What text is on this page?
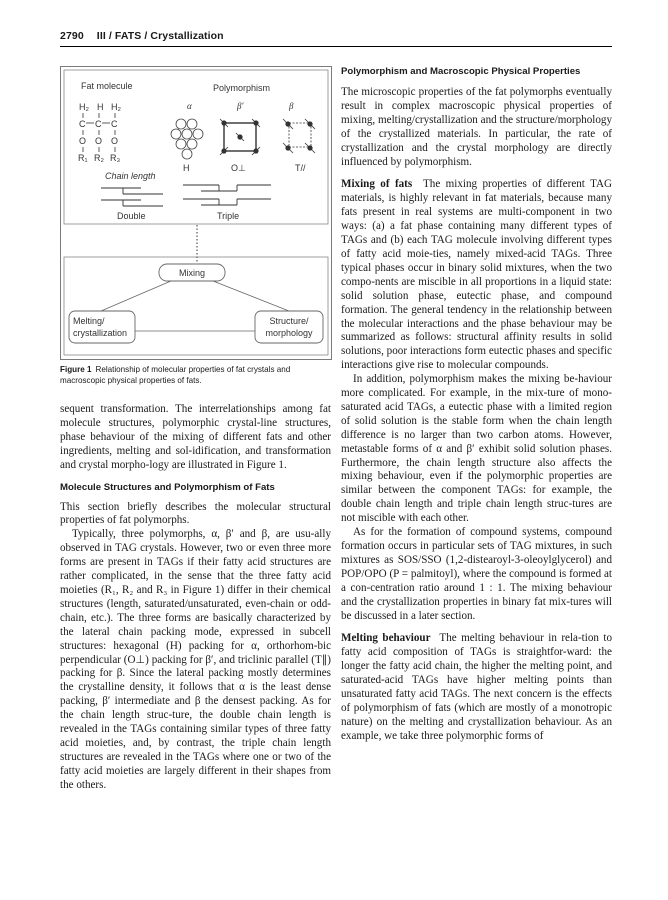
2790 III / FATS / Crystallization
Fat molecule	Polymorphism
α	β′	β
H₂ H H₂
C C C
O O O
R₁ R₂ R₃
H	O⊥	T//
Chain length
Double	Triple
Mixing
Melting/
crystallization
Structure/
morphology
Figure 1 Relationship of molecular properties of fat crystals and macroscopic physical properties of fats.

sequent transformation. The interrelationships among fat molecule structures, polymorphic crystal-line structures, phase behaviour of the mixing of different fats and other ingredients, melting and sol-idification, and transformation and crystal morpho-logy are illustrated in Figure 1.

Molecule Structures and Polymorphism of Fats

This section briefly describes the molecular structural properties of fat polymorphs.

Typically, three polymorphs, α, β′ and β, are usu-ally observed in TAG crystals. However, two or even three more forms are present in TAGs if their fatty acid structures are rather complicated, in the sense that the three fatty acid moieties (R₁, R₂ and R₃ in Figure 1) differ in their chemical structures (length, saturated/unsaturated, even-chain or odd-chain, etc.). The three forms are basically characterized by the lateral chain packing mode, expressed in subcell structures: hexagonal (H) packing for α, orthorhom-bic perpendicular (O⊥) packing for β′, and triclinic parallel (T∥) packing for β. Since the lateral packing mostly determines the crystalline density, it follows that α is the least dense packing, β′ intermediate and β the densest packing. As for the chain length struc-ture, the double chain length is revealed in the TAGs containing similar types of three fatty acid moieties, and, by contrast, the triple chain length structures are revealed in the TAGs where one or two of the fatty acid moieties are largely different in their shapes from the others.

Polymorphism and Macroscopic Physical Properties

The microscopic properties of the fat polymorphs eventually result in complex macroscopic physical properties of mixing, melting/crystallization and the structure/morphology of the crystallized materials. In particular, the rate of crystallization and the crystal morphology are directly influenced by polymorphism.

Mixing of fats The mixing properties of different TAG materials, is highly relevant in fat materials, because many fats present in real systems are multi-component in two ways: (a) a fat phase containing many different types of TAGs and (b) each TAG molecule involving different types of fatty acid moie-ties, namely mixed-acid TAGs. Three typical phases occur in binary solid mixtures, when the two compo-nents are miscible in all proportions in a liquid state: solid solution phase, eutectic phase, and compound formation. The general tendency in the relationship between the molecular interactions and the phase behaviour may be summarized as follows: structural affinity results in solid solutions, poor interactions form eutectic phases and specific interactions give rise to molecular compounds.

In addition, polymorphism makes the mixing be-haviour more complicated. For example, in the mix-ture of mono-saturated acid TAGs, a eutectic phase with a limited region of solid solution is the stable form when the chain length difference is no larger than two carbon atoms. However, metastable forms of α and β′ exhibit solid solution phases. Furthermore, the chain length structure also affects the mixing behaviour, even if the polymorphic properties are similar between the component TAGs: for example, the double chain length and triple chain length struc-tures are not miscible with each other.

As for the formation of compound systems, compound formation occurs in particular sets of TAG mixtures, in such mixtures as SOS/SSO (1,2-distearoyl-3-oleoylglycerol) and POP/OPO (P = palmitoyl), where the compound is formed at a con-centration ratio around 1 : 1. The mixing behaviour and the crystallization properties in binary fat mix-tures will be discussed in a later section.

Melting behaviour The melting behaviour in rela-tion to fatty acid composition of TAGs is straightfor-ward: the longer the fatty acid chain, the higher the melting point, and saturated-acid TAGs have higher melting points than unsaturated fatty acid TAGs. The next concern is the effects of polymorphism of fats (which are mostly of a monotropic nature) on the melting and crystallization behaviour. As an example, we take three polymorphic forms of
